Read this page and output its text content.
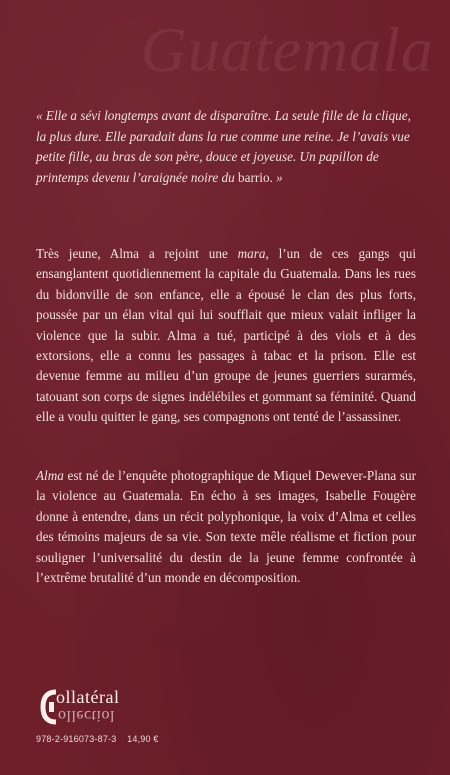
Guatemala
« Elle a sévi longtemps avant de disparaître. La seule fille de la clique, la plus dure. Elle paradait dans la rue comme une reine. Je l’avais vue petite fille, au bras de son père, douce et joyeuse. Un papillon de printemps devenu l’araignée noire du barrio. »
Très jeune, Alma a rejoint une mara, l’un de ces gangs qui ensanglantent quotidiennement la capitale du Guatemala. Dans les rues du bidonville de son enfance, elle a épousé le clan des plus forts, poussée par un élan vital qui lui soufflait que mieux valait infliger la violence que la subir. Alma a tué, participé à des viols et à des extorsions, elle a connu les passages à tabac et la prison. Elle est devenue femme au milieu d’un groupe de jeunes guerriers surarmés, tatouant son corps de signes indélébiles et gommant sa féminité. Quand elle a voulu quitter le gang, ses compagnons ont tenté de l’assassiner.
Alma est né de l’enquête photographique de Miquel Dewever-Plana sur la violence au Guatemala. En écho à ses images, Isabelle Fougère donne à entendre, dans un récit polyphonique, la voix d’Alma et celles des témoins majeurs de sa vie. Son texte mêle réalisme et fiction pour souligner l’universalité du destin de la jeune femme confrontée à l’extrême brutalité d’un monde en décomposition.
ollatéral
ollectiol
978-2-916073-87-3 14,90 €
